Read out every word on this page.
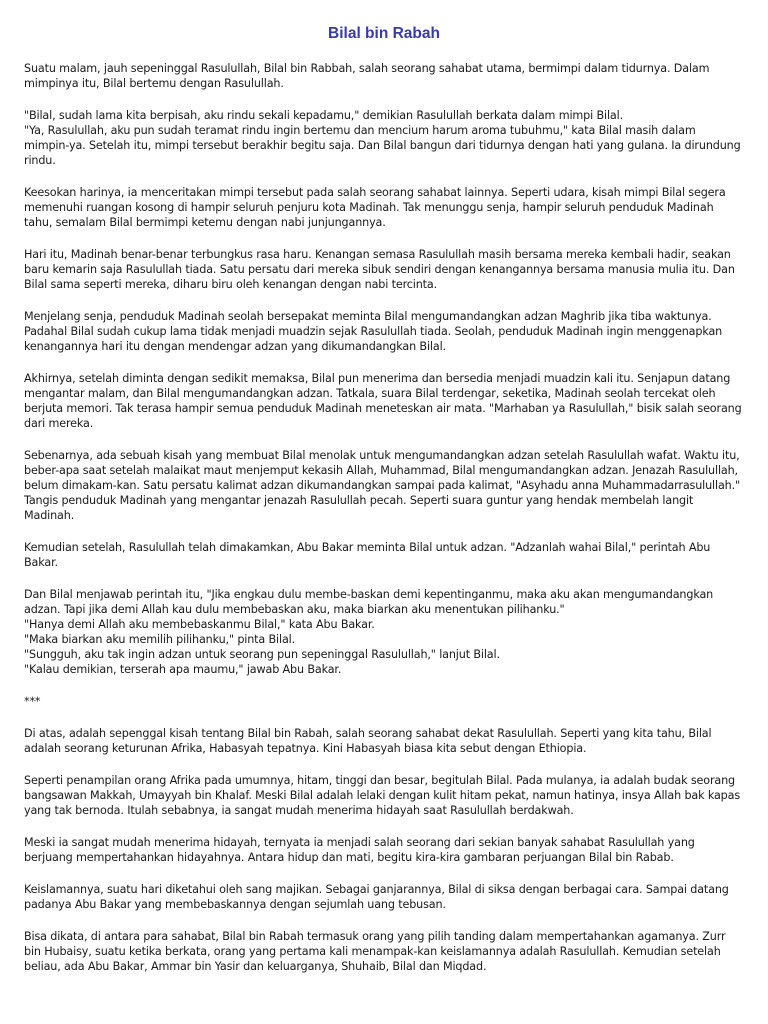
Bilal bin Rabah
Suatu malam, jauh sepeninggal Rasulullah, Bilal bin Rabbah, salah seorang sahabat utama, bermimpi dalam tidurnya. Dalam mimpinya itu, Bilal bertemu dengan Rasulullah.
"Bilal, sudah lama kita berpisah, aku rindu sekali kepadamu," demikian Rasulullah berkata dalam mimpi Bilal.
"Ya, Rasulullah, aku pun sudah teramat rindu ingin bertemu dan mencium harum aroma tubuhmu," kata Bilal masih dalam mimpin-ya. Setelah itu, mimpi tersebut berakhir begitu saja. Dan Bilal bangun dari tidurnya dengan hati yang gulana. Ia dirundung rindu.
Keesokan harinya, ia menceritakan mimpi tersebut pada salah seorang sahabat lainnya. Seperti udara, kisah mimpi Bilal segera memenuhi ruangan kosong di hampir seluruh penjuru kota Madinah. Tak menunggu senja, hampir seluruh penduduk Madinah tahu, semalam Bilal bermimpi ketemu dengan nabi junjungannya.
Hari itu, Madinah benar-benar terbungkus rasa haru. Kenangan semasa Rasulullah masih bersama mereka kembali hadir, seakan baru kemarin saja Rasulullah tiada. Satu persatu dari mereka sibuk sendiri dengan kenangannya bersama manusia mulia itu. Dan Bilal sama seperti mereka, diharu biru oleh kenangan dengan nabi tercinta.
Menjelang senja, penduduk Madinah seolah bersepakat meminta Bilal mengumandangkan adzan Maghrib jika tiba waktunya. Padahal Bilal sudah cukup lama tidak menjadi muadzin sejak Rasulullah tiada. Seolah, penduduk Madinah ingin menggenapkan kenangannya hari itu dengan mendengar adzan yang dikumandangkan Bilal.
Akhirnya, setelah diminta dengan sedikit memaksa, Bilal pun menerima dan bersedia menjadi muadzin kali itu. Senjapun datang mengantar malam, dan Bilal mengumandangkan adzan. Tatkala, suara Bilal terdengar, seketika, Madinah seolah tercekat oleh berjuta memori. Tak terasa hampir semua penduduk Madinah meneteskan air mata. "Marhaban ya Rasulullah," bisik salah seorang dari mereka.
Sebenarnya, ada sebuah kisah yang membuat Bilal menolak untuk mengumandangkan adzan setelah Rasulullah wafat. Waktu itu, beber-apa saat setelah malaikat maut menjemput kekasih Allah, Muhammad, Bilal mengumandangkan adzan. Jenazah Rasulullah, belum dimakam-kan. Satu persatu kalimat adzan dikumandangkan sampai pada kalimat, "Asyhadu anna Muhammadarrasulullah." Tangis penduduk Madinah yang mengantar jenazah Rasulullah pecah. Seperti suara guntur yang hendak membelah langit Madinah.
Kemudian setelah, Rasulullah telah dimakamkan, Abu Bakar meminta Bilal untuk adzan. "Adzanlah wahai Bilal," perintah Abu Bakar.
Dan Bilal menjawab perintah itu, "Jika engkau dulu membe-baskan demi kepentinganmu, maka aku akan mengumandangkan adzan. Tapi jika demi Allah kau dulu membebaskan aku, maka biarkan aku menentukan pilihanku."
"Hanya demi Allah aku membebaskanmu Bilal," kata Abu Bakar.
"Maka biarkan aku memilih pilihanku," pinta Bilal.
"Sungguh, aku tak ingin adzan untuk seorang pun sepeninggal Rasulullah," lanjut Bilal.
"Kalau demikian, terserah apa maumu," jawab Abu Bakar.
***
Di atas, adalah sepenggal kisah tentang Bilal bin Rabah, salah seorang sahabat dekat Rasulullah. Seperti yang kita tahu, Bilal adalah seorang keturunan Afrika, Habasyah tepatnya. Kini Habasyah biasa kita sebut dengan Ethiopia.
Seperti penampilan orang Afrika pada umumnya, hitam, tinggi dan besar, begitulah Bilal. Pada mulanya, ia adalah budak seorang bangsawan Makkah, Umayyah bin Khalaf. Meski Bilal adalah lelaki dengan kulit hitam pekat, namun hatinya, insya Allah bak kapas yang tak bernoda. Itulah sebabnya, ia sangat mudah menerima hidayah saat Rasulullah berdakwah.
Meski ia sangat mudah menerima hidayah, ternyata ia menjadi salah seorang dari sekian banyak sahabat Rasulullah yang berjuang mempertahankan hidayahnya. Antara hidup dan mati, begitu kira-kira gambaran perjuangan Bilal bin Rabab.
Keislamannya, suatu hari diketahui oleh sang majikan. Sebagai ganjarannya, Bilal di siksa dengan berbagai cara. Sampai datang padanya Abu Bakar yang membebaskannya dengan sejumlah uang tebusan.
Bisa dikata, di antara para sahabat, Bilal bin Rabah termasuk orang yang pilih tanding dalam mempertahankan agamanya. Zurr bin Hubaisy, suatu ketika berkata, orang yang pertama kali menampak-kan keislamannya adalah Rasulullah. Kemudian setelah beliau, ada Abu Bakar, Ammar bin Yasir dan keluarganya, Shuhaib, Bilal dan Miqdad.
